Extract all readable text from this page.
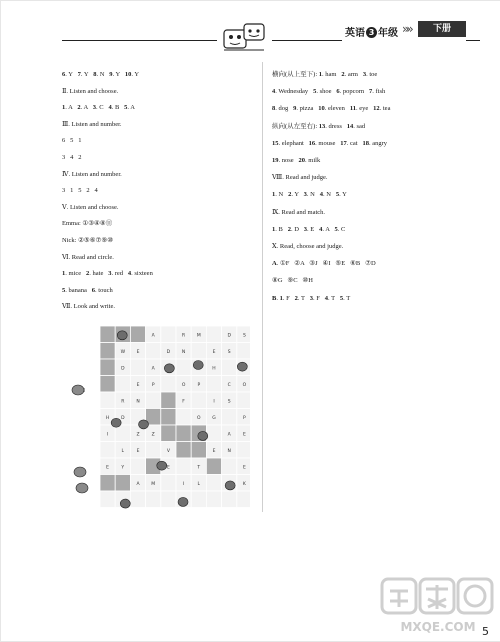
英语 3 年级 »»	下册
6. Y   7. Y   8. N   9. Y   10. Y
Ⅱ. Listen and choose.
1. A   2. A   3. C   4. B   5. A
Ⅲ. Listen and number.
6   5   1
3   4   2
Ⅳ. Listen and number.
3   1   5   2   4
Ⅴ. Listen and choose.
Emma: ①③④⑧⑪
Nick: ②⑤⑥⑦⑨⑩
Ⅵ. Read and circle.
1. mice   2. hate   3. red   4. sixteen
5. banana   6. touch
Ⅶ. Look and write.
横向(从上至下): 1. ham   2. arm   3. toe
4. Wednesday   5. shoe   6. popcorn   7. fish
8. dog   9. pizza   10. eleven   11. eye   12. tea
纵向(从左至右): 13. dress   14. sad
15. elephant   16. mouse   17. cat   18. angry
19. nose   20. milk
Ⅷ. Read and judge.
1. N   2. Y   3. N   4. N   5. Y
Ⅸ. Read and match.
1. B   2. D   3. E   4. A   5. C
Ⅹ. Read, choose and judge.
A. ①F   ②A   ③J   ④I   ⑤E   ⑥B   ⑦D
⑧G   ⑨C   ⑩H
B. 1. F   2. T   3. F   4. T   5. T
A	R	M	D	S
W	E	D	N	E	S
D	A	H
E	P	O	P	C	O
R	N	F	I	S
H	D	O	G	P
I	Z	Z	A	E
L	E	V	E	N
E	Y	E	T	E
A	M	I	L	K
MXQE.COM 5
